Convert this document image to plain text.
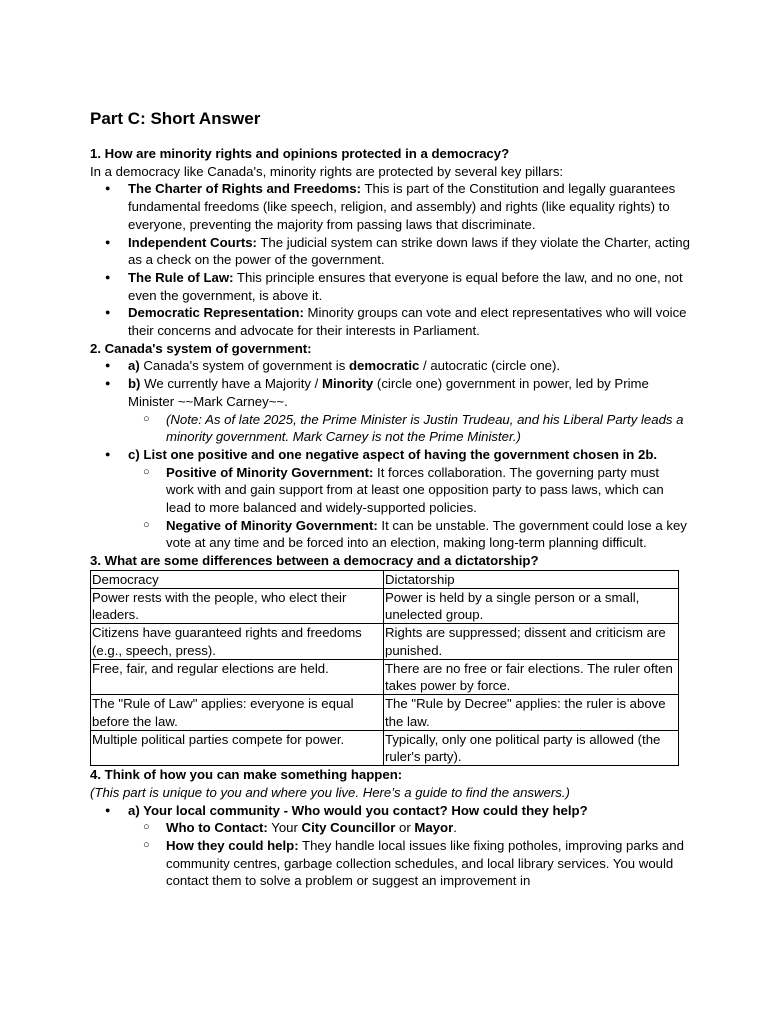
Part C: Short Answer
1. How are minority rights and opinions protected in a democracy?
In a democracy like Canada's, minority rights are protected by several key pillars:
● The Charter of Rights and Freedoms: This is part of the Constitution and legally guarantees fundamental freedoms (like speech, religion, and assembly) and rights (like equality rights) to everyone, preventing the majority from passing laws that discriminate.
● Independent Courts: The judicial system can strike down laws if they violate the Charter, acting as a check on the power of the government.
● The Rule of Law: This principle ensures that everyone is equal before the law, and no one, not even the government, is above it.
● Democratic Representation: Minority groups can vote and elect representatives who will voice their concerns and advocate for their interests in Parliament.
2. Canada's system of government:
● a) Canada's system of government is democratic / autocratic (circle one).
● b) We currently have a Majority / Minority (circle one) government in power, led by Prime Minister ~~Mark Carney~~.
○ (Note: As of late 2025, the Prime Minister is Justin Trudeau, and his Liberal Party leads a minority government. Mark Carney is not the Prime Minister.)
● c) List one positive and one negative aspect of having the government chosen in 2b.
○ Positive of Minority Government: It forces collaboration. The governing party must work with and gain support from at least one opposition party to pass laws, which can lead to more balanced and widely-supported policies.
○ Negative of Minority Government: It can be unstable. The government could lose a key vote at any time and be forced into an election, making long-term planning difficult.
3. What are some differences between a democracy and a dictatorship?
Democracy	Dictatorship
Power rests with the people, who elect their leaders.	Power is held by a single person or a small, unelected group.
Citizens have guaranteed rights and freedoms (e.g., speech, press).	Rights are suppressed; dissent and criticism are punished.
Free, fair, and regular elections are held.	There are no free or fair elections. The ruler often takes power by force.
The "Rule of Law" applies: everyone is equal before the law.	The "Rule by Decree" applies: the ruler is above the law.
Multiple political parties compete for power.	Typically, only one political party is allowed (the ruler's party).
4. Think of how you can make something happen:
(This part is unique to you and where you live. Here’s a guide to find the answers.)
● a) Your local community - Who would you contact? How could they help?
○ Who to Contact: Your City Councillor or Mayor.
○ How they could help: They handle local issues like fixing potholes, improving parks and community centres, garbage collection schedules, and local library services. You would contact them to solve a problem or suggest an improvement in
